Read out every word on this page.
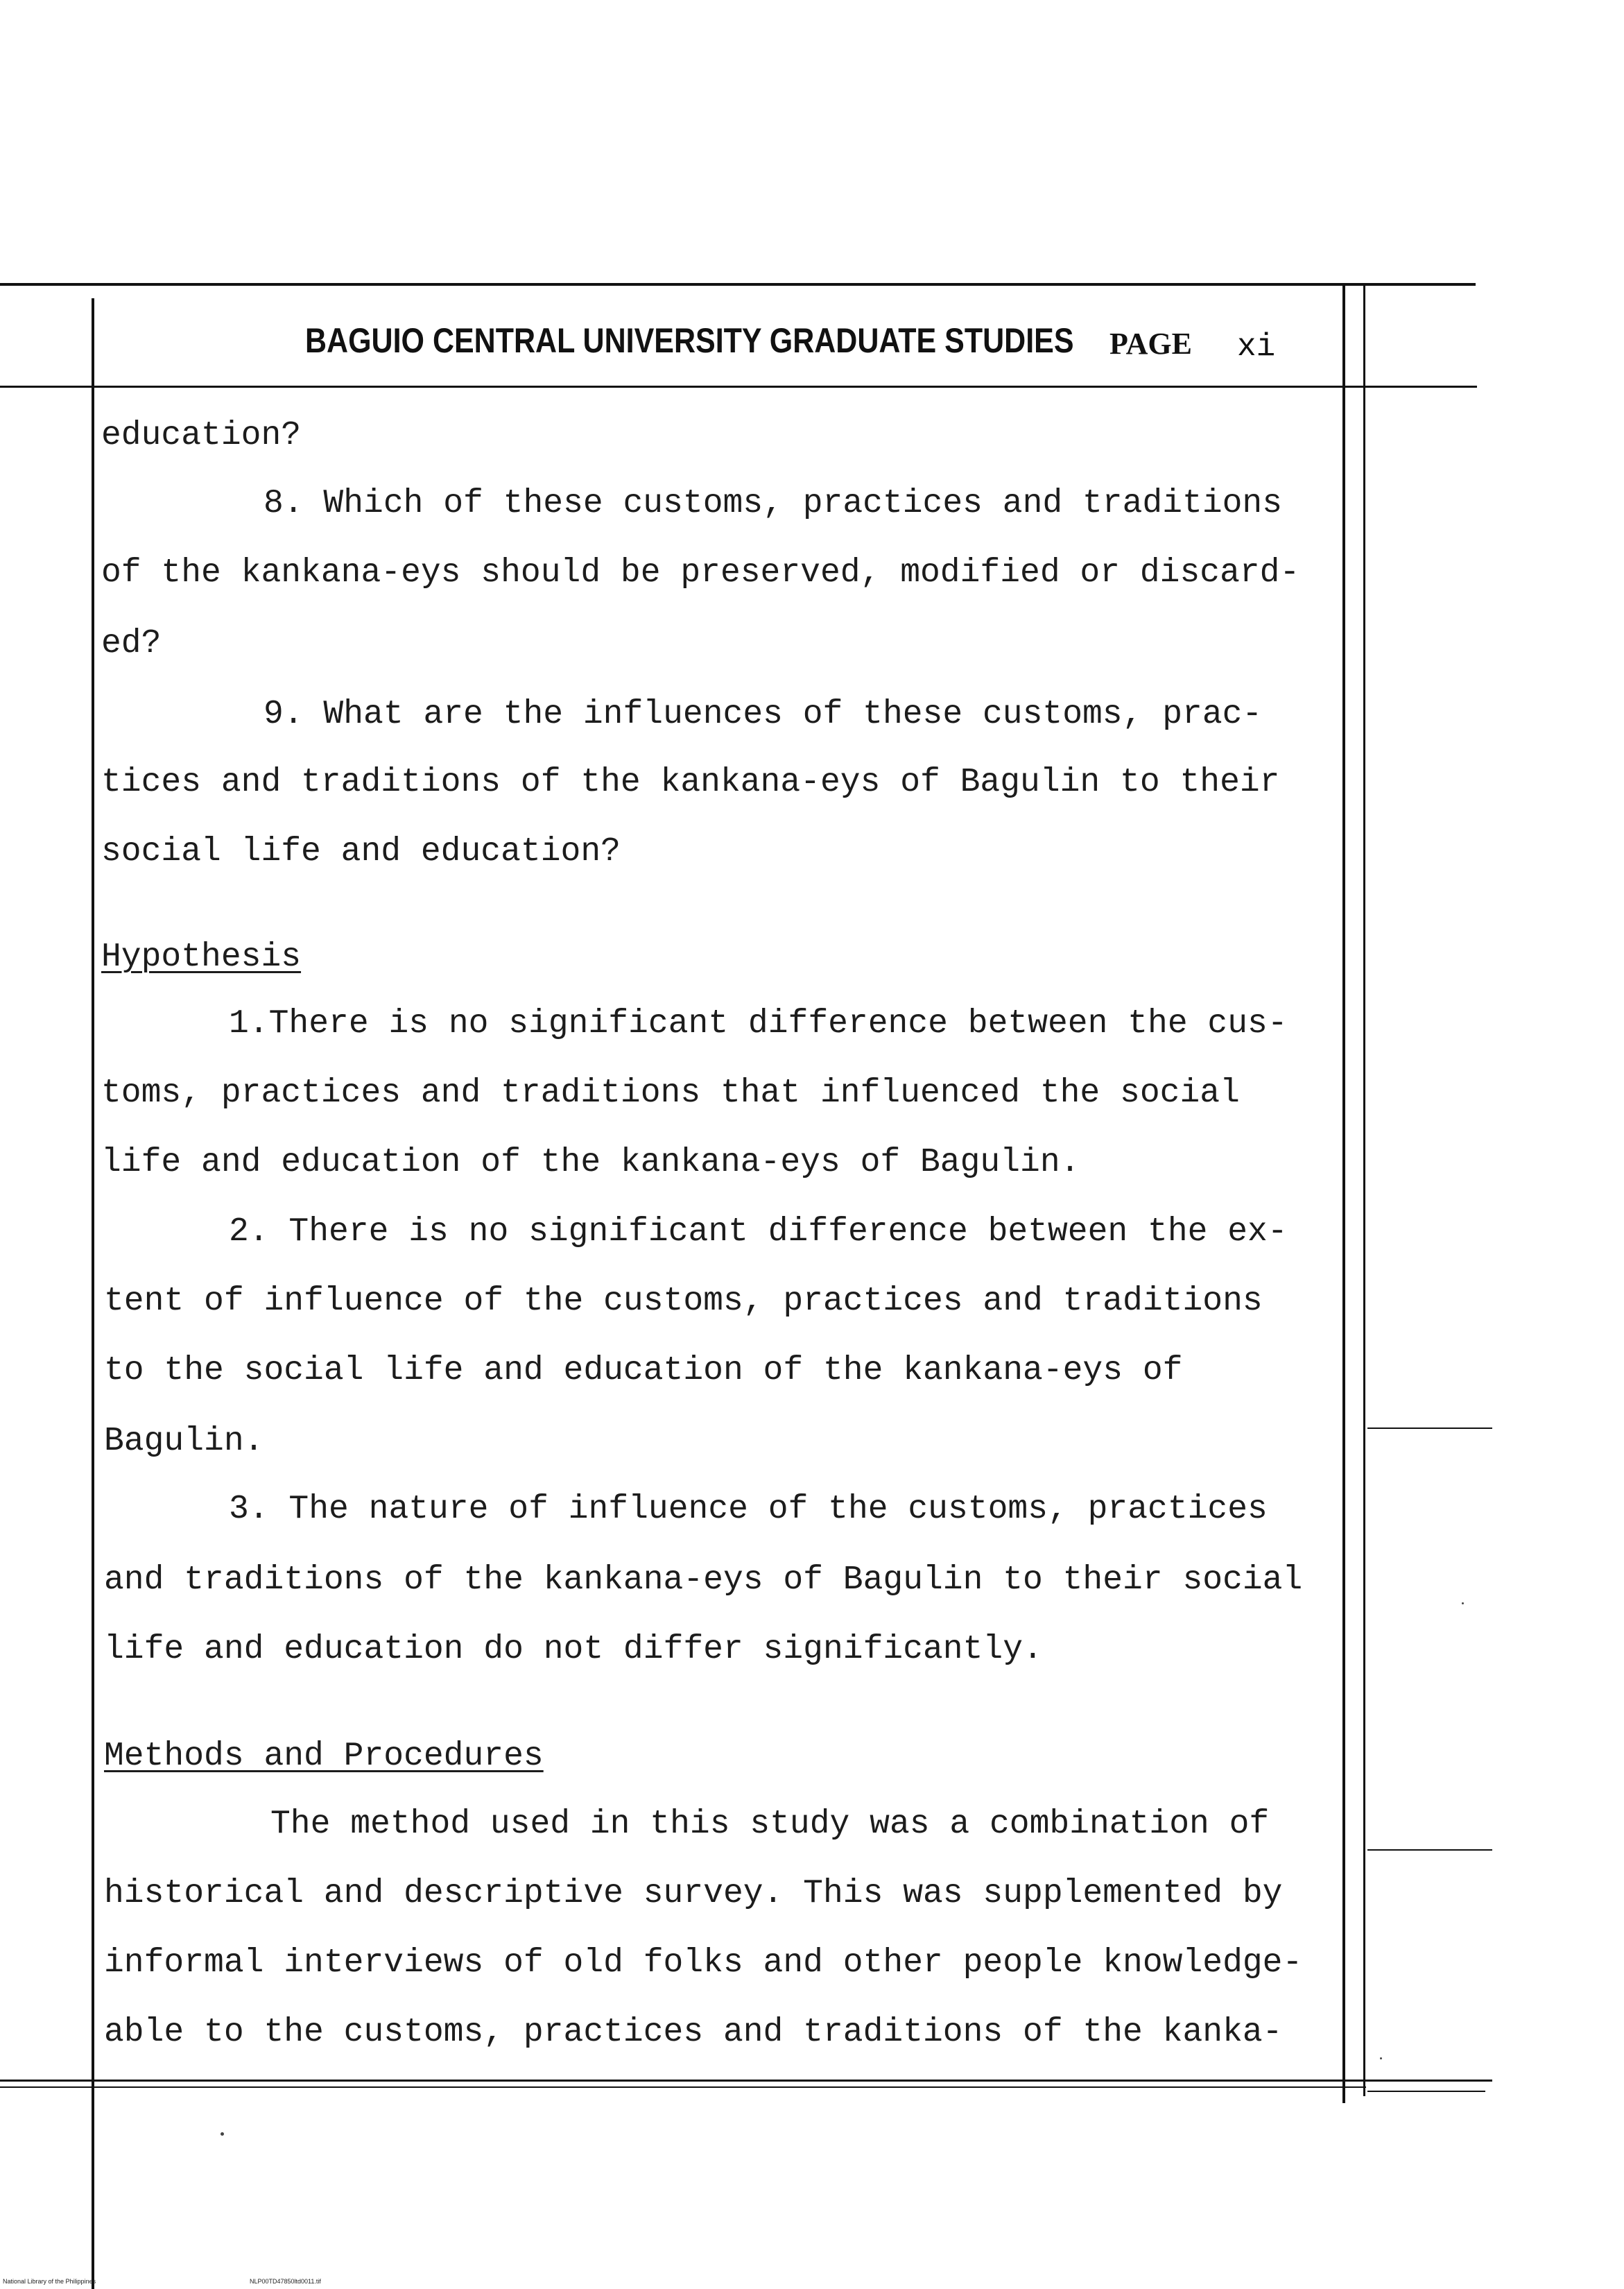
BAGUIO CENTRAL UNIVERSITY GRADUATE STUDIES PAGE xi
education?
8. Which of these customs, practices and traditions
of the kankana-eys should be preserved, modified or discard-
ed?
9. What are the influences of these customs, prac-
tices and traditions of the kankana-eys of Bagulin to their
social life and education?
Hypothesis
1.There is no significant difference between the cus-
toms, practices and traditions that influenced the social
life and education of the kankana-eys of Bagulin.
2. There is no significant difference between the ex-
tent of influence of the customs, practices and traditions
to the social life and education of the kankana-eys of
Bagulin.
3. The nature of influence of the customs, practices
and traditions of the kankana-eys of Bagulin to their social
life and education do not differ significantly.
Methods and Procedures
The method used in this study was a combination of
historical and descriptive survey. This was supplemented by
informal interviews of old folks and other people knowledge-
able to the customs, practices and traditions of the kanka-
National Library of the Philippines	NLP00TD47850ltd0011.tif
